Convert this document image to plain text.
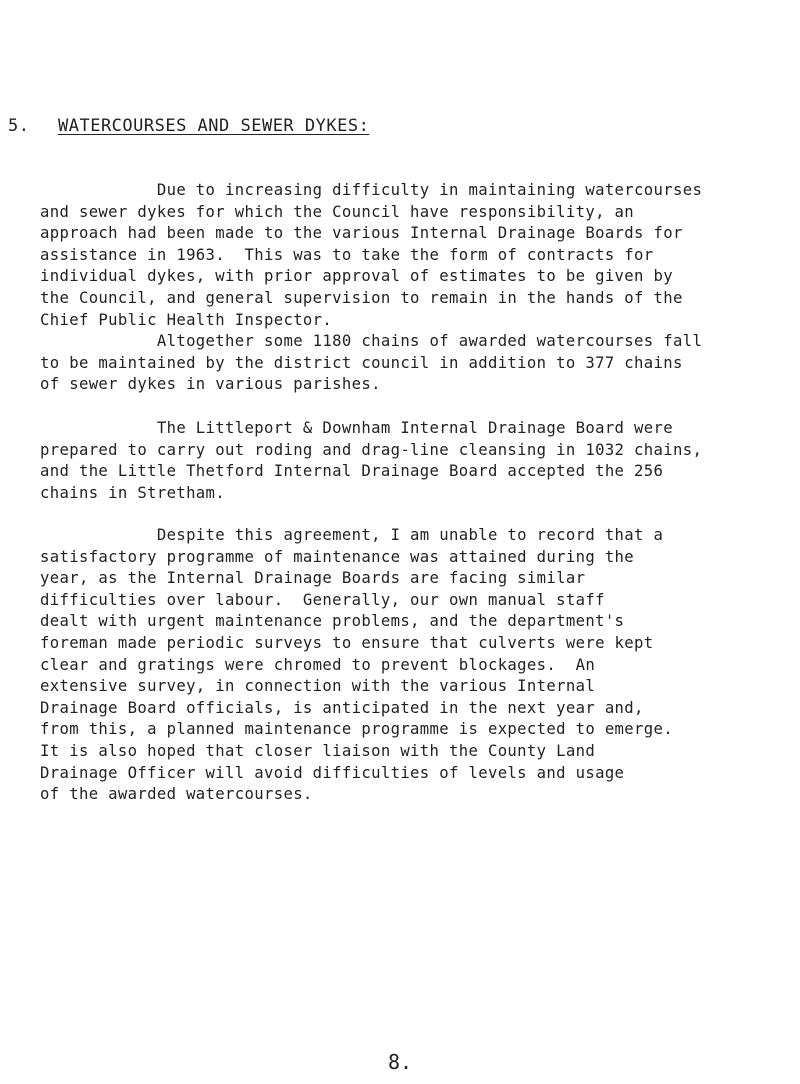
5. WATERCOURSES AND SEWER DYKES:

Due to increasing difficulty in maintaining watercourses
and sewer dykes for which the Council have responsibility, an
approach had been made to the various Internal Drainage Boards for
assistance in 1963.  This was to take the form of contracts for
individual dykes, with prior approval of estimates to be given by
the Council, and general supervision to remain in the hands of the
Chief Public Health Inspector.

Altogether some 1180 chains of awarded watercourses fall
to be maintained by the district council in addition to 377 chains
of sewer dykes in various parishes.

The Littleport & Downham Internal Drainage Board were
prepared to carry out roding and drag-line cleansing in 1032 chains,
and the Little Thetford Internal Drainage Board accepted the 256
chains in Stretham.

Despite this agreement, I am unable to record that a
satisfactory programme of maintenance was attained during the
year, as the Internal Drainage Boards are facing similar
difficulties over labour.  Generally, our own manual staff
dealt with urgent maintenance problems, and the department's
foreman made periodic surveys to ensure that culverts were kept
clear and gratings were chromed to prevent blockages.  An
extensive survey, in connection with the various Internal
Drainage Board officials, is anticipated in the next year and,
from this, a planned maintenance programme is expected to emerge.
It is also hoped that closer liaison with the County Land
Drainage Officer will avoid difficulties of levels and usage
of the awarded watercourses.

8.
